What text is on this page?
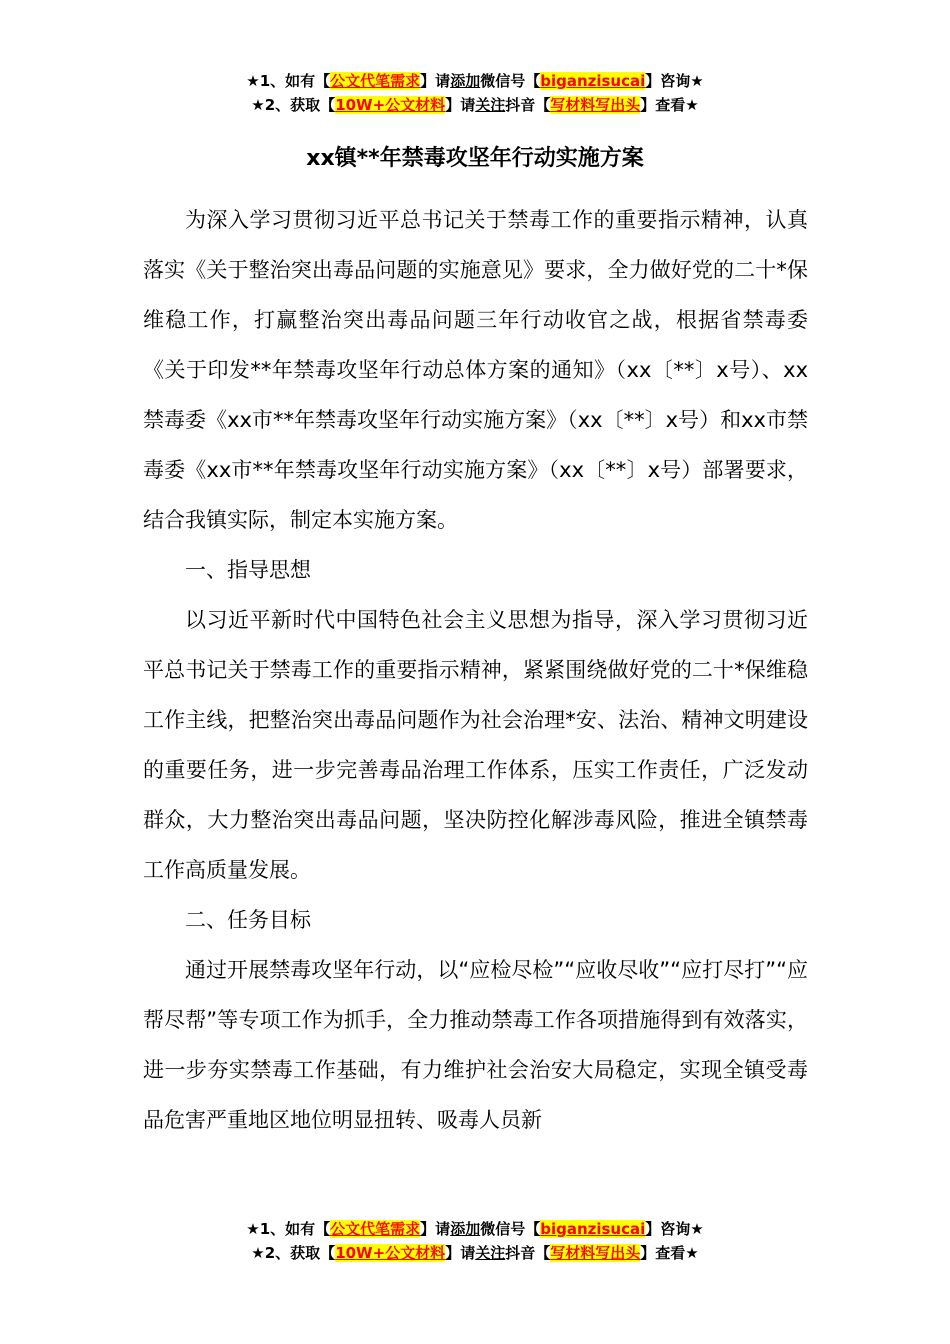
★1、如有【公文代笔需求】请添加微信号【biganzisucai】咨询★
★2、获取【10W+公文材料】请关注抖音【写材料写出头】查看★
xx镇**年禁毒攻坚年行动实施方案

为深入学习贯彻习近平总书记关于禁毒工作的重要指示精神，认真落实《关于整治突出毒品问题的实施意见》要求，全力做好党的二十*保维稳工作，打赢整治突出毒品问题三年行动收官之战，根据省禁毒委《关于印发**年禁毒攻坚年行动总体方案的通知》（xx〔**〕x号）、xx禁毒委《xx市**年禁毒攻坚年行动实施方案》（xx〔**〕x号）和xx市禁毒委《xx市**年禁毒攻坚年行动实施方案》（xx〔**〕x号）部署要求，结合我镇实际，制定本实施方案。

一、指导思想

以习近平新时代中国特色社会主义思想为指导，深入学习贯彻习近平总书记关于禁毒工作的重要指示精神，紧紧围绕做好党的二十*保维稳工作主线，把整治突出毒品问题作为社会治理*安、法治、精神文明建设的重要任务，进一步完善毒品治理工作体系，压实工作责任，广泛发动群众，大力整治突出毒品问题，坚决防控化解涉毒风险，推进全镇禁毒工作高质量发展。

二、任务目标

通过开展禁毒攻坚年行动，以“应检尽检”“应收尽收”“应打尽打”“应帮尽帮”等专项工作为抓手，全力推动禁毒工作各项措施得到有效落实，进一步夯实禁毒工作基础，有力维护社会治安大局稳定，实现全镇受毒品危害严重地区地位明显扭转、吸毒人员新

★1、如有【公文代笔需求】请添加微信号【biganzisucai】咨询★
★2、获取【10W+公文材料】请关注抖音【写材料写出头】查看★
